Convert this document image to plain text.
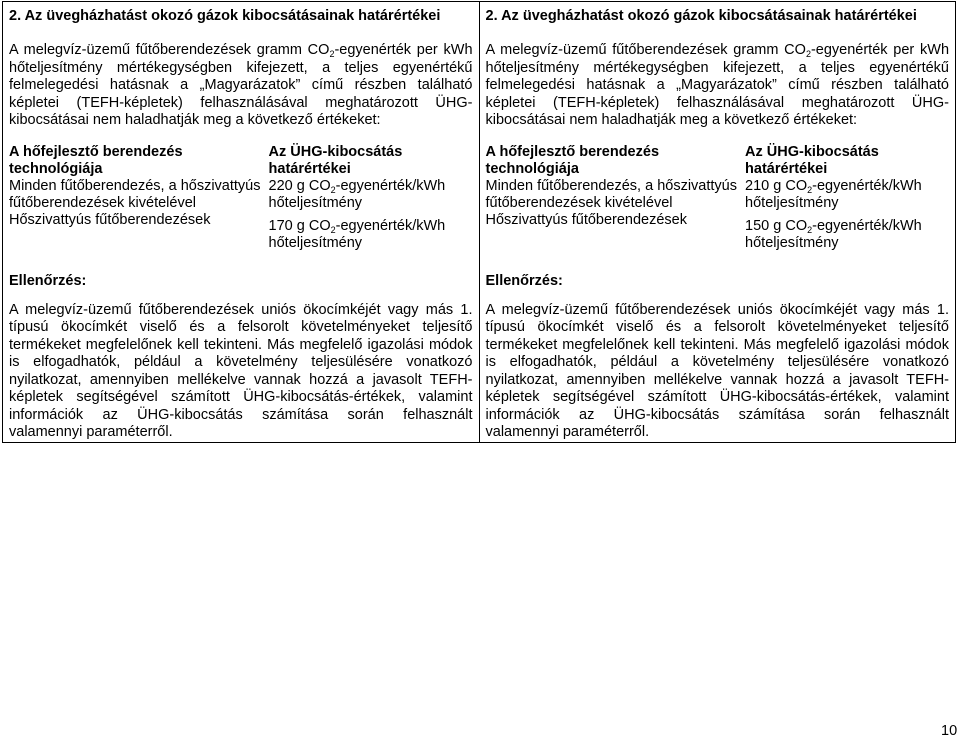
2. Az üvegházhatást okozó gázok kibocsátásainak határértékei
A melegvíz-üzemű fűtőberendezések gramm $CO_2$-egyenérték per kWh hőteljesítmény mértékegységben kifejezett, a teljes egyenértékű felmelegedési hatásnak a „Magyarázatok” című részben található képletei (TEFH-képletek) felhasználásával meghatározott ÜHG-kibocsátásai nem haladhatják meg a következő értékeket:
A hőfejlesztő berendezés technológiája	Az ÜHG-kibocsátás határértékei
Minden fűtőberendezés, a hőszivattyús fűtőberendezések kivételével	220 g $CO_2-egyenérték$/kWh hőteljesítmény
Hőszivattyús fűtőberendezések	170 g $CO_2-egyenérték$/kWh hőteljesítmény
Ellenőrzés:
A melegvíz-üzemű fűtőberendezések uniós ökocímkéjét vagy más 1. típusú ökocímkét viselő és a felsorolt követelményeket teljesítő termékeket megfelelőnek kell tekinteni. Más megfelelő igazolási módok is elfogadhatók, például a követelmény teljesülésére vonatkozó nyilatkozat, amennyiben mellékelve vannak hozzá a javasolt TEFH-képletek segítségével számított ÜHG-kibocsátás-értékek, valamint információk az ÜHG-kibocsátás számítása során felhasznált valamennyi paraméterről.

2. Az üvegházhatást okozó gázok kibocsátásainak határértékei
A melegvíz-üzemű fűtőberendezések gramm $CO_2$-egyenérték per kWh hőteljesítmény mértékegységben kifejezett, a teljes egyenértékű felmelegedési hatásnak a „Magyarázatok” című részben található képletei (TEFH-képletek) felhasználásával meghatározott ÜHG-kibocsátásai nem haladhatják meg a következő értékeket:
A hőfejlesztő berendezés technológiája	Az ÜHG-kibocsátás határértékei
Minden fűtőberendezés, a hőszivattyús fűtőberendezések kivételével	210 g $CO_2-egyenérték$/kWh hőteljesítmény
Hőszivattyús fűtőberendezések	150 g $CO_2-egyenérték$/kWh hőteljesítmény
Ellenőrzés:
A melegvíz-üzemű fűtőberendezések uniós ökocímkéjét vagy más 1. típusú ökocímkét viselő és a felsorolt követelményeket teljesítő termékeket megfelelőnek kell tekinteni. Más megfelelő igazolási módok is elfogadhatók, például a követelmény teljesülésére vonatkozó nyilatkozat, amennyiben mellékelve vannak hozzá a javasolt TEFH-képletek segítségével számított ÜHG-kibocsátás-értékek, valamint információk az ÜHG-kibocsátás számítása során felhasznált valamennyi paraméterről.
10
